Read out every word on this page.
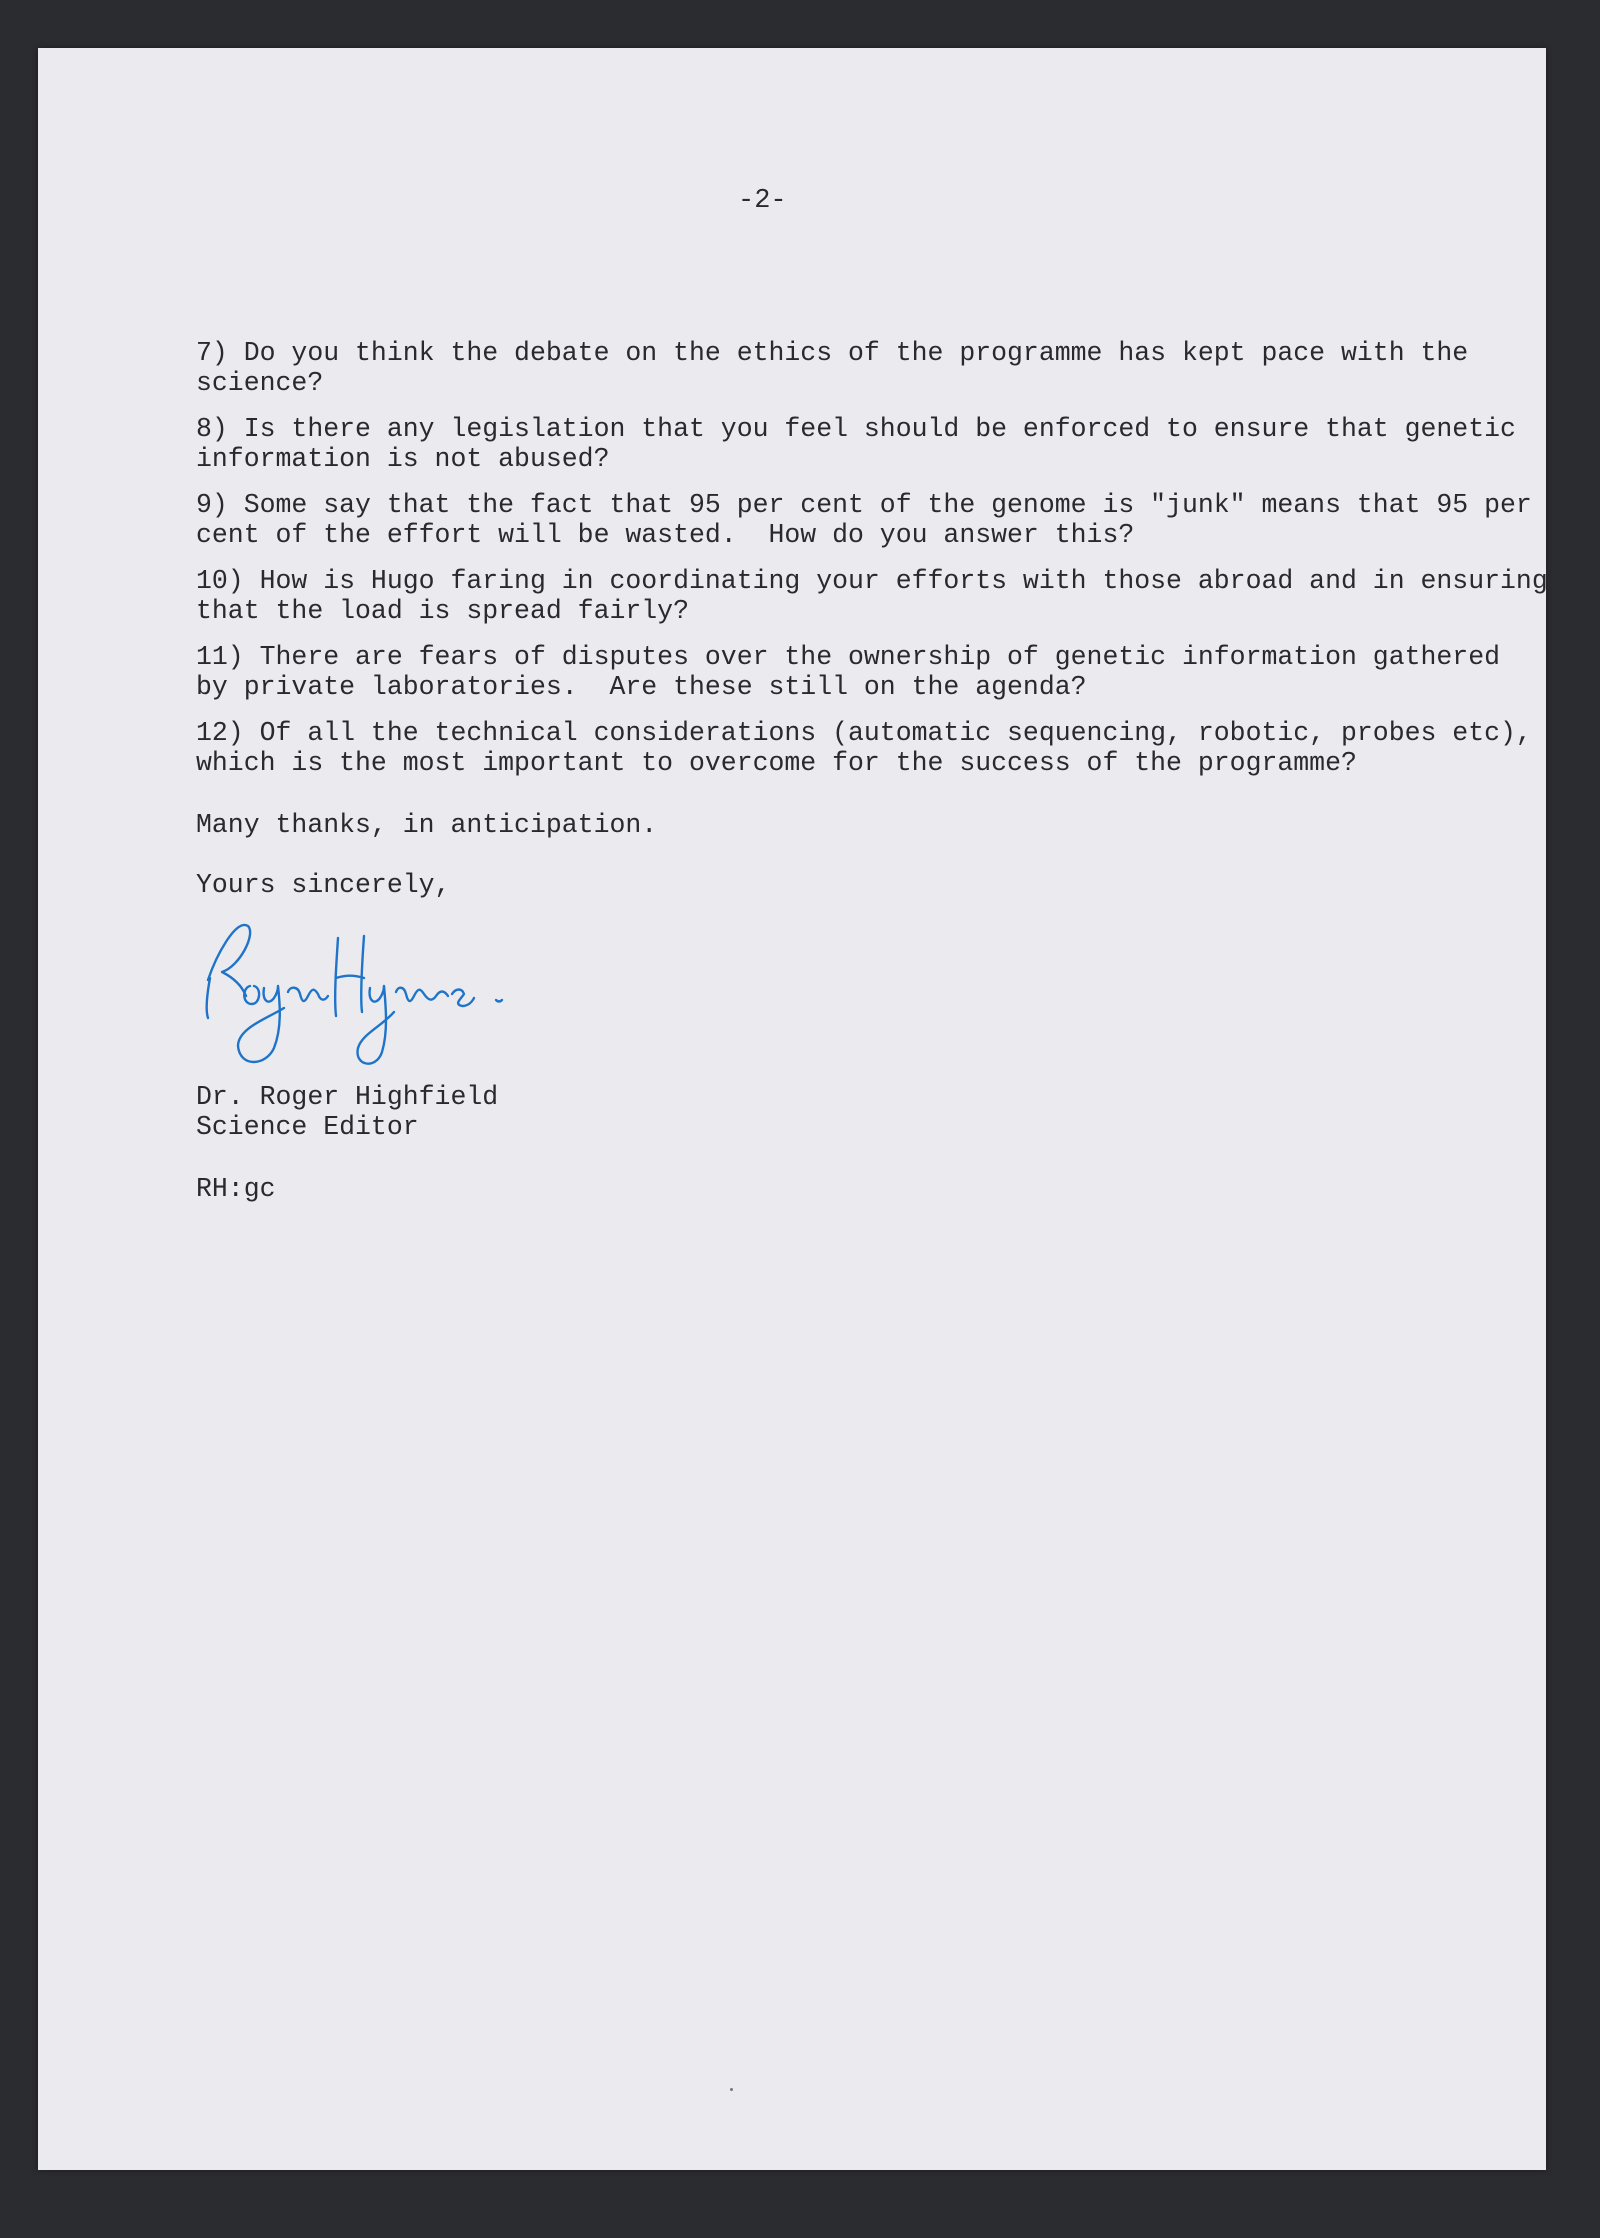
-2-

7) Do you think the debate on the ethics of the programme has kept pace with the
science?

8) Is there any legislation that you feel should be enforced to ensure that genetic
information is not abused?

9) Some say that the fact that 95 per cent of the genome is "junk" means that 95 per
cent of the effort will be wasted.  How do you answer this?

10) How is Hugo faring in coordinating your efforts with those abroad and in ensuring
that the load is spread fairly?

11) There are fears of disputes over the ownership of genetic information gathered
by private laboratories.  Are these still on the agenda?

12) Of all the technical considerations (automatic sequencing, robotic, probes etc),
which is the most important to overcome for the success of the programme?

Many thanks, in anticipation.
Yours sincerely,
Dr. Roger Highfield
Science Editor
RH:gc
